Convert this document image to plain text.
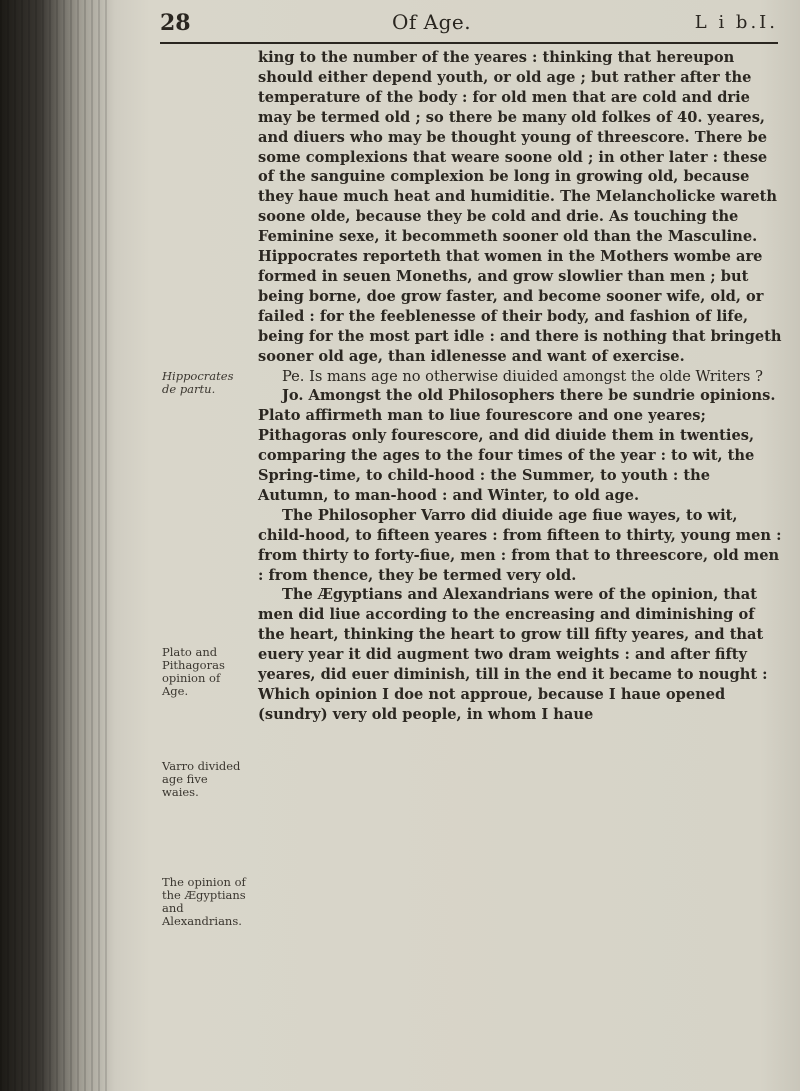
28	Of Age.	L i b.I.
Hippocrates de partu.
Plato and Pithagoras opinion of Age.
Varro divided age five waies.
The opinion of the Ægyptians and Alexandrians.

king to the number of the yeares : thinking that hereupon should either depend youth, or old age ; but rather after the temperature of the body : for old men that are cold and drie may be termed old ; so there be many old folkes of 40. yeares, and diuers who may be thought young of threescore. There be some complexions that weare soone old ; in other later : these of the sanguine complexion be long in growing old, because they haue much heat and humiditie. The Melancholicke wareth soone olde, because they be cold and drie. As touching the Feminine sexe, it becommeth sooner old than the Masculine. Hippocrates reporteth that women in the Mothers wombe are formed in seuen Moneths, and grow slowlier than men ; but being borne, doe grow faster, and become sooner wife, old, or failed : for the feeblenesse of their body, and fashion of life, being for the most part idle : and there is nothing that bringeth sooner old age, than idlenesse and want of exercise.

Pe. Is mans age no otherwise diuided amongst the olde Writers ?

Jo. Amongst the old Philosophers there be sundrie opinions. Plato affirmeth man to liue fourescore and one yeares; Pithagoras only fourescore, and did diuide them in twenties, comparing the ages to the four times of the year : to wit, the Spring-time, to child-hood : the Summer, to youth : the Autumn, to man-hood : and Winter, to old age.

The Philosopher Varro did diuide age fiue wayes, to wit, child-hood, to fifteen yeares : from fifteen to thirty, young men : from thirty to forty-fiue, men : from that to threescore, old men : from thence, they be termed very old.

The Ægyptians and Alexandrians were of the opinion, that men did liue according to the encreasing and diminishing of the heart, thinking the heart to grow till fifty yeares, and that euery year it did augment two dram weights : and after fifty yeares, did euer diminish, till in the end it became to nought : Which opinion I doe not approue, because I haue opened (sundry) very old people, in whom I haue
